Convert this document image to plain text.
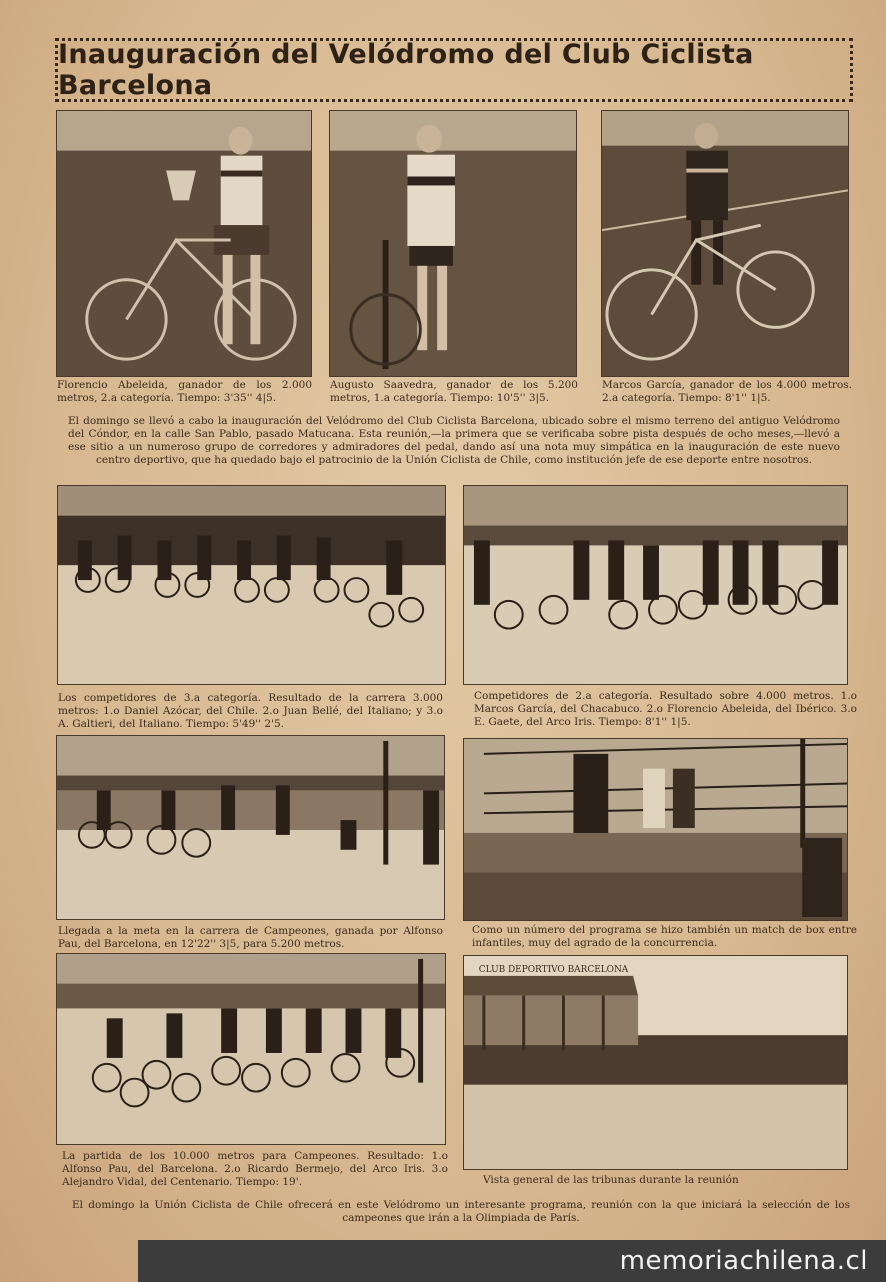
Inauguración del Velódromo del Club Ciclista Barcelona
Florencio Abeleida, ganador de los 2.000 metros, 2.a categoría. Tiempo: 3'35'' 4|5.
Augusto Saavedra, ganador de los 5.200 metros, 1.a categoría. Tiempo: 10'5'' 3|5.
Marcos García, ganador de los 4.000 metros. 2.a categoría. Tiempo: 8'1'' 1|5.
El domingo se llevó a cabo la inauguración del Velódromo del Club Ciclista Barcelona, ubicado sobre el mismo terreno del antiguo Velódromo del Cóndor, en la calle San Pablo, pasado Matucana. Esta reunión,—la primera que se verificaba sobre pista después de ocho meses,—llevó a ese sitio a un numeroso grupo de corredores y admiradores del pedal, dando así una nota muy simpática en la inauguración de este nuevo centro deportivo, que ha quedado bajo el patrocinio de la Unión Ciclista de Chile, como institución jefe de ese deporte entre nosotros.
Los competidores de 3.a categoría. Resultado de la carrera 3.000 metros: 1.o Daniel Azócar, del Chile. 2.o Juan Bellé, del Italiano; y 3.o A. Galtieri, del Italiano. Tiempo: 5'49'' 2'5.
Competidores de 2.a categoría. Resultado sobre 4.000 metros. 1.o Marcos García, del Chacabuco. 2.o Florencio Abeleida, del Ibérico. 3.o E. Gaete, del Arco Iris. Tiempo: 8'1'' 1|5.
Llegada a la meta en la carrera de Campeones, ganada por Alfonso Pau, del Barcelona, en 12'22'' 3|5, para 5.200 metros.
Como un número del programa se hizo también un match de box entre infantiles, muy del agrado de la concurrencia.
CLUB DEPORTIVO BARCELONA
La partida de los 10.000 metros para Campeones. Resultado: 1.o Alfonso Pau, del Barcelona. 2.o Ricardo Bermejo, del Arco Iris. 3.o Alejandro Vidal, del Centenario. Tiempo: 19'.	Vista general de las tribunas durante la reunión
El domingo la Unión Ciclista de Chile ofrecerá en este Velódromo un interesante programa, reunión con la que iniciará la selección de los campeones que irán a la Olimpiada de París.
memoriachilena.cl
